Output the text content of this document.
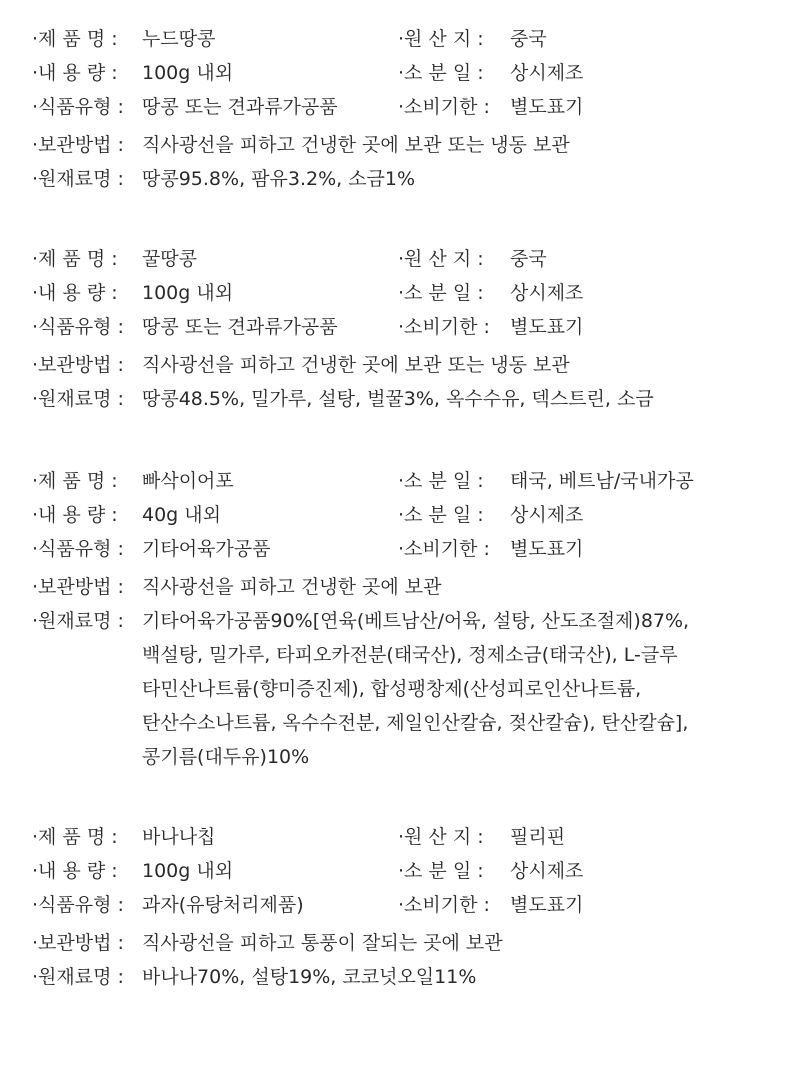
·제 품 명 : 누드땅콩	·원 산 지 : 중국
·내 용 량 : 100g 내외	·소 분 일 : 상시제조
·식품유형 : 땅콩 또는 견과류가공품	·소비기한 : 별도표기
·보관방법 : 직사광선을 피하고 건냉한 곳에 보관 또는 냉동 보관
·원재료명 : 땅콩95.8%, 팜유3.2%, 소금1%
·제 품 명 : 꿀땅콩	·원 산 지 : 중국
·내 용 량 : 100g 내외	·소 분 일 : 상시제조
·식품유형 : 땅콩 또는 견과류가공품	·소비기한 : 별도표기
·보관방법 : 직사광선을 피하고 건냉한 곳에 보관 또는 냉동 보관
·원재료명 : 땅콩48.5%, 밀가루, 설탕, 벌꿀3%, 옥수수유, 덱스트린, 소금
·제 품 명 : 빠삭이어포	·소 분 일 : 태국, 베트남/국내가공
·내 용 량 : 40g 내외	·소 분 일 : 상시제조
·식품유형 : 기타어육가공품	·소비기한 : 별도표기
·보관방법 : 직사광선을 피하고 건냉한 곳에 보관
·원재료명 : 기타어육가공품90%[연육(베트남산/어육, 설탕, 산도조절제)87%,
백설탕, 밀가루, 타피오카전분(태국산), 정제소금(태국산), L-글루
타민산나트륨(향미증진제), 합성팽창제(산성피로인산나트륨,
탄산수소나트륨, 옥수수전분, 제일인산칼슘, 젖산칼슘), 탄산칼슘],
콩기름(대두유)10%
·제 품 명 : 바나나칩	·원 산 지 : 필리핀
·내 용 량 : 100g 내외	·소 분 일 : 상시제조
·식품유형 : 과자(유탕처리제품)	·소비기한 : 별도표기
·보관방법 : 직사광선을 피하고 통풍이 잘되는 곳에 보관
·원재료명 : 바나나70%, 설탕19%, 코코넛오일11%
